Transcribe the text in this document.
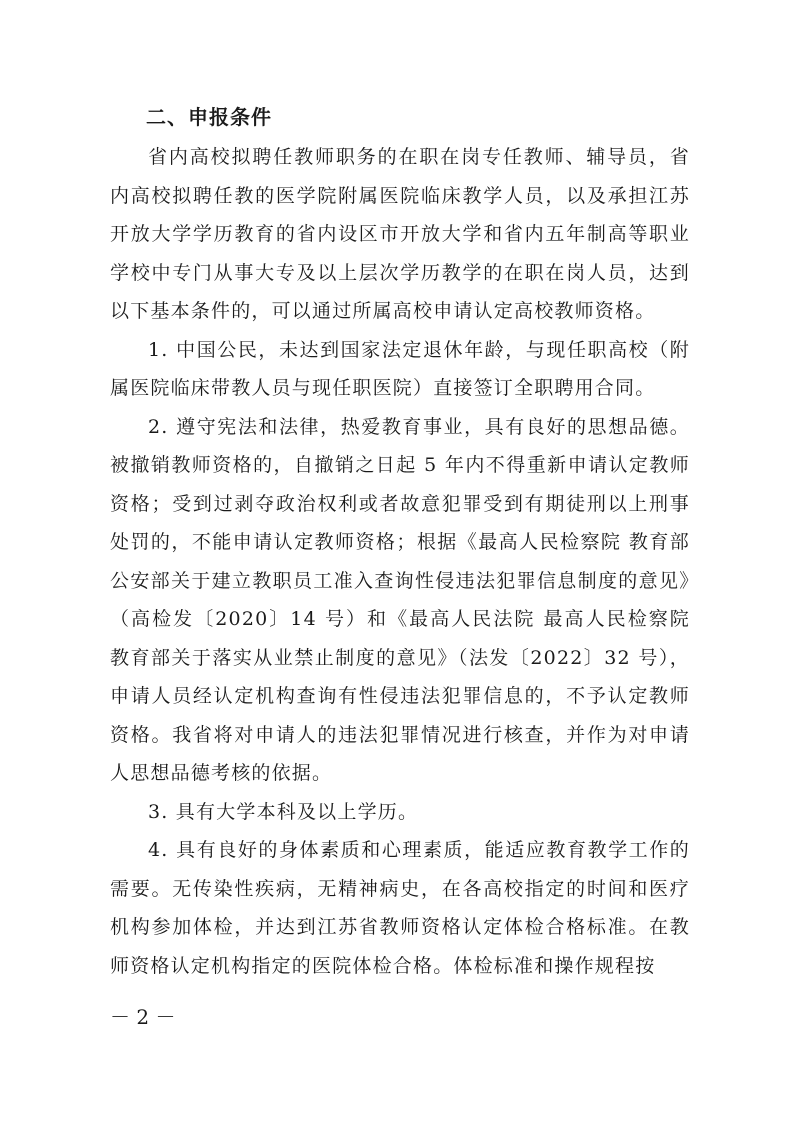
二、申报条件

省内高校拟聘任教师职务的在职在岗专任教师、辅导员，省内高校拟聘任教的医学院附属医院临床教学人员，以及承担江苏开放大学学历教育的省内设区市开放大学和省内五年制高等职业学校中专门从事大专及以上层次学历教学的在职在岗人员，达到以下基本条件的，可以通过所属高校申请认定高校教师资格。

1. 中国公民，未达到国家法定退休年龄，与现任职高校（附属医院临床带教人员与现任职医院）直接签订全职聘用合同。

2. 遵守宪法和法律，热爱教育事业，具有良好的思想品德。被撤销教师资格的，自撤销之日起 5 年内不得重新申请认定教师资格；受到过剥夺政治权利或者故意犯罪受到有期徒刑以上刑事处罚的，不能申请认定教师资格；根据《最高人民检察院 教育部 公安部关于建立教职员工准入查询性侵违法犯罪信息制度的意见》（高检发〔2020〕14 号）和《最高人民法院 最高人民检察院 教育部关于落实从业禁止制度的意见》（法发〔2022〕32 号），申请人员经认定机构查询有性侵违法犯罪信息的，不予认定教师资格。我省将对申请人的违法犯罪情况进行核查，并作为对申请人思想品德考核的依据。

3. 具有大学本科及以上学历。

4. 具有良好的身体素质和心理素质，能适应教育教学工作的需要。无传染性疾病，无精神病史，在各高校指定的时间和医疗机构参加体检，并达到江苏省教师资格认定体检合格标准。在教师资格认定机构指定的医院体检合格。体检标准和操作规程按

－ 2 －
